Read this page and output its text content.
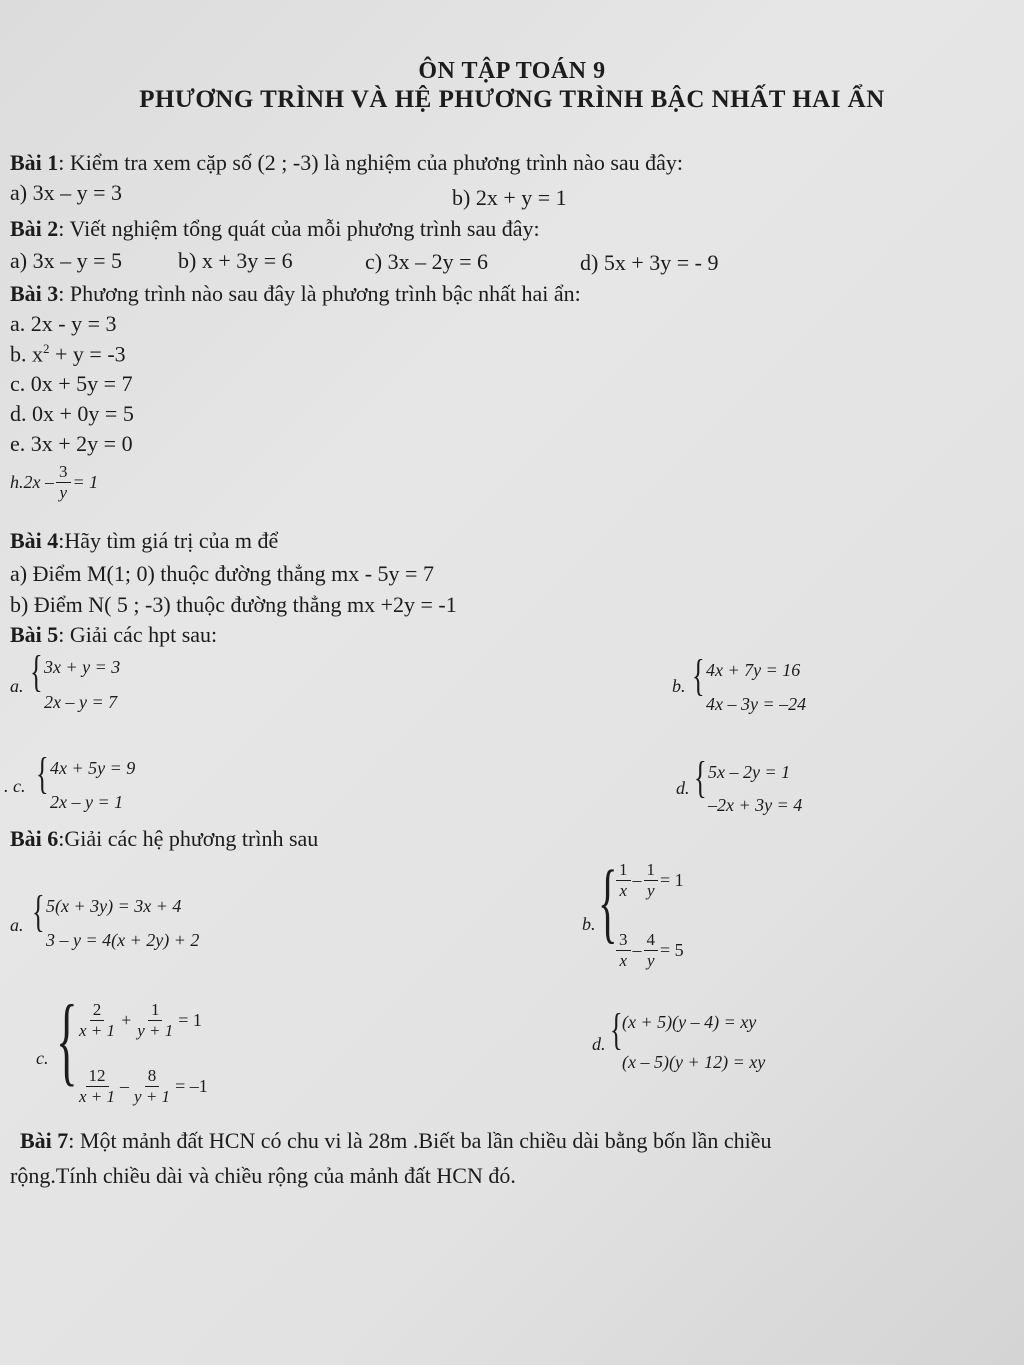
ÔN TẬP TOÁN 9
PHƯƠNG TRÌNH VÀ HỆ PHƯƠNG TRÌNH BẬC NHẤT HAI ẨN
Bài 1: Kiểm tra xem cặp số (2 ; -3) là nghiệm của phương trình nào sau đây:
a) 3x – y = 3	b) 2x + y = 1
Bài 2: Viết nghiệm tổng quát của mỗi phương trình sau đây:
a) 3x – y = 5	b) x + 3y = 6	c) 3x – 2y = 6	d) 5x + 3y = - 9
Bài 3: Phương trình nào sau đây là phương trình bậc nhất hai ẩn:
a. 2x - y = 3
b. $x^2 + y = -3$
c. 0x + 5y = 7
d. 0x + 0y = 5
e. 3x + 2y = 0
$h.2x - \frac{3}{y} = 1$
Bài 4:Hãy tìm giá trị của m để
a) Điểm M(1; 0) thuộc đường thẳng mx - 5y = 7
b) Điểm N( 5 ; -3) thuộc đường thẳng mx +2y = -1
Bài 5: Giải các hpt sau:
a. { 3x + y = 3
2x – y = 7
b. { 4x + 7y = 16
4x – 3y = –24
. c. { 4x + 5y = 9
2x – y = 1
d. { 5x – 2y = 1
–2x + 3y = 4
Bài 6:Giải các hệ phương trình sau
a. { 5(x + 3y) = 3x + 4
3 – y = 4(x + 2y) + 2
b. {
$\frac{1}{x} - \frac{1}{y} = 1$
$\frac{3}{x} - \frac{4}{y} = 5$
c. {
$\frac{2}{x + 1} + \frac{1}{y + 1} = 1$
$\frac{12}{x + 1} - \frac{8}{y + 1} = -1$
d. { (x + 5)(y – 4) = xy
(x – 5)(y + 12) = xy
Bài 7: Một mảnh đất HCN có chu vi là 28m .Biết ba lần chiều dài bằng bốn lần chiều
rộng.Tính chiều dài và chiều rộng của mảnh đất HCN đó.
